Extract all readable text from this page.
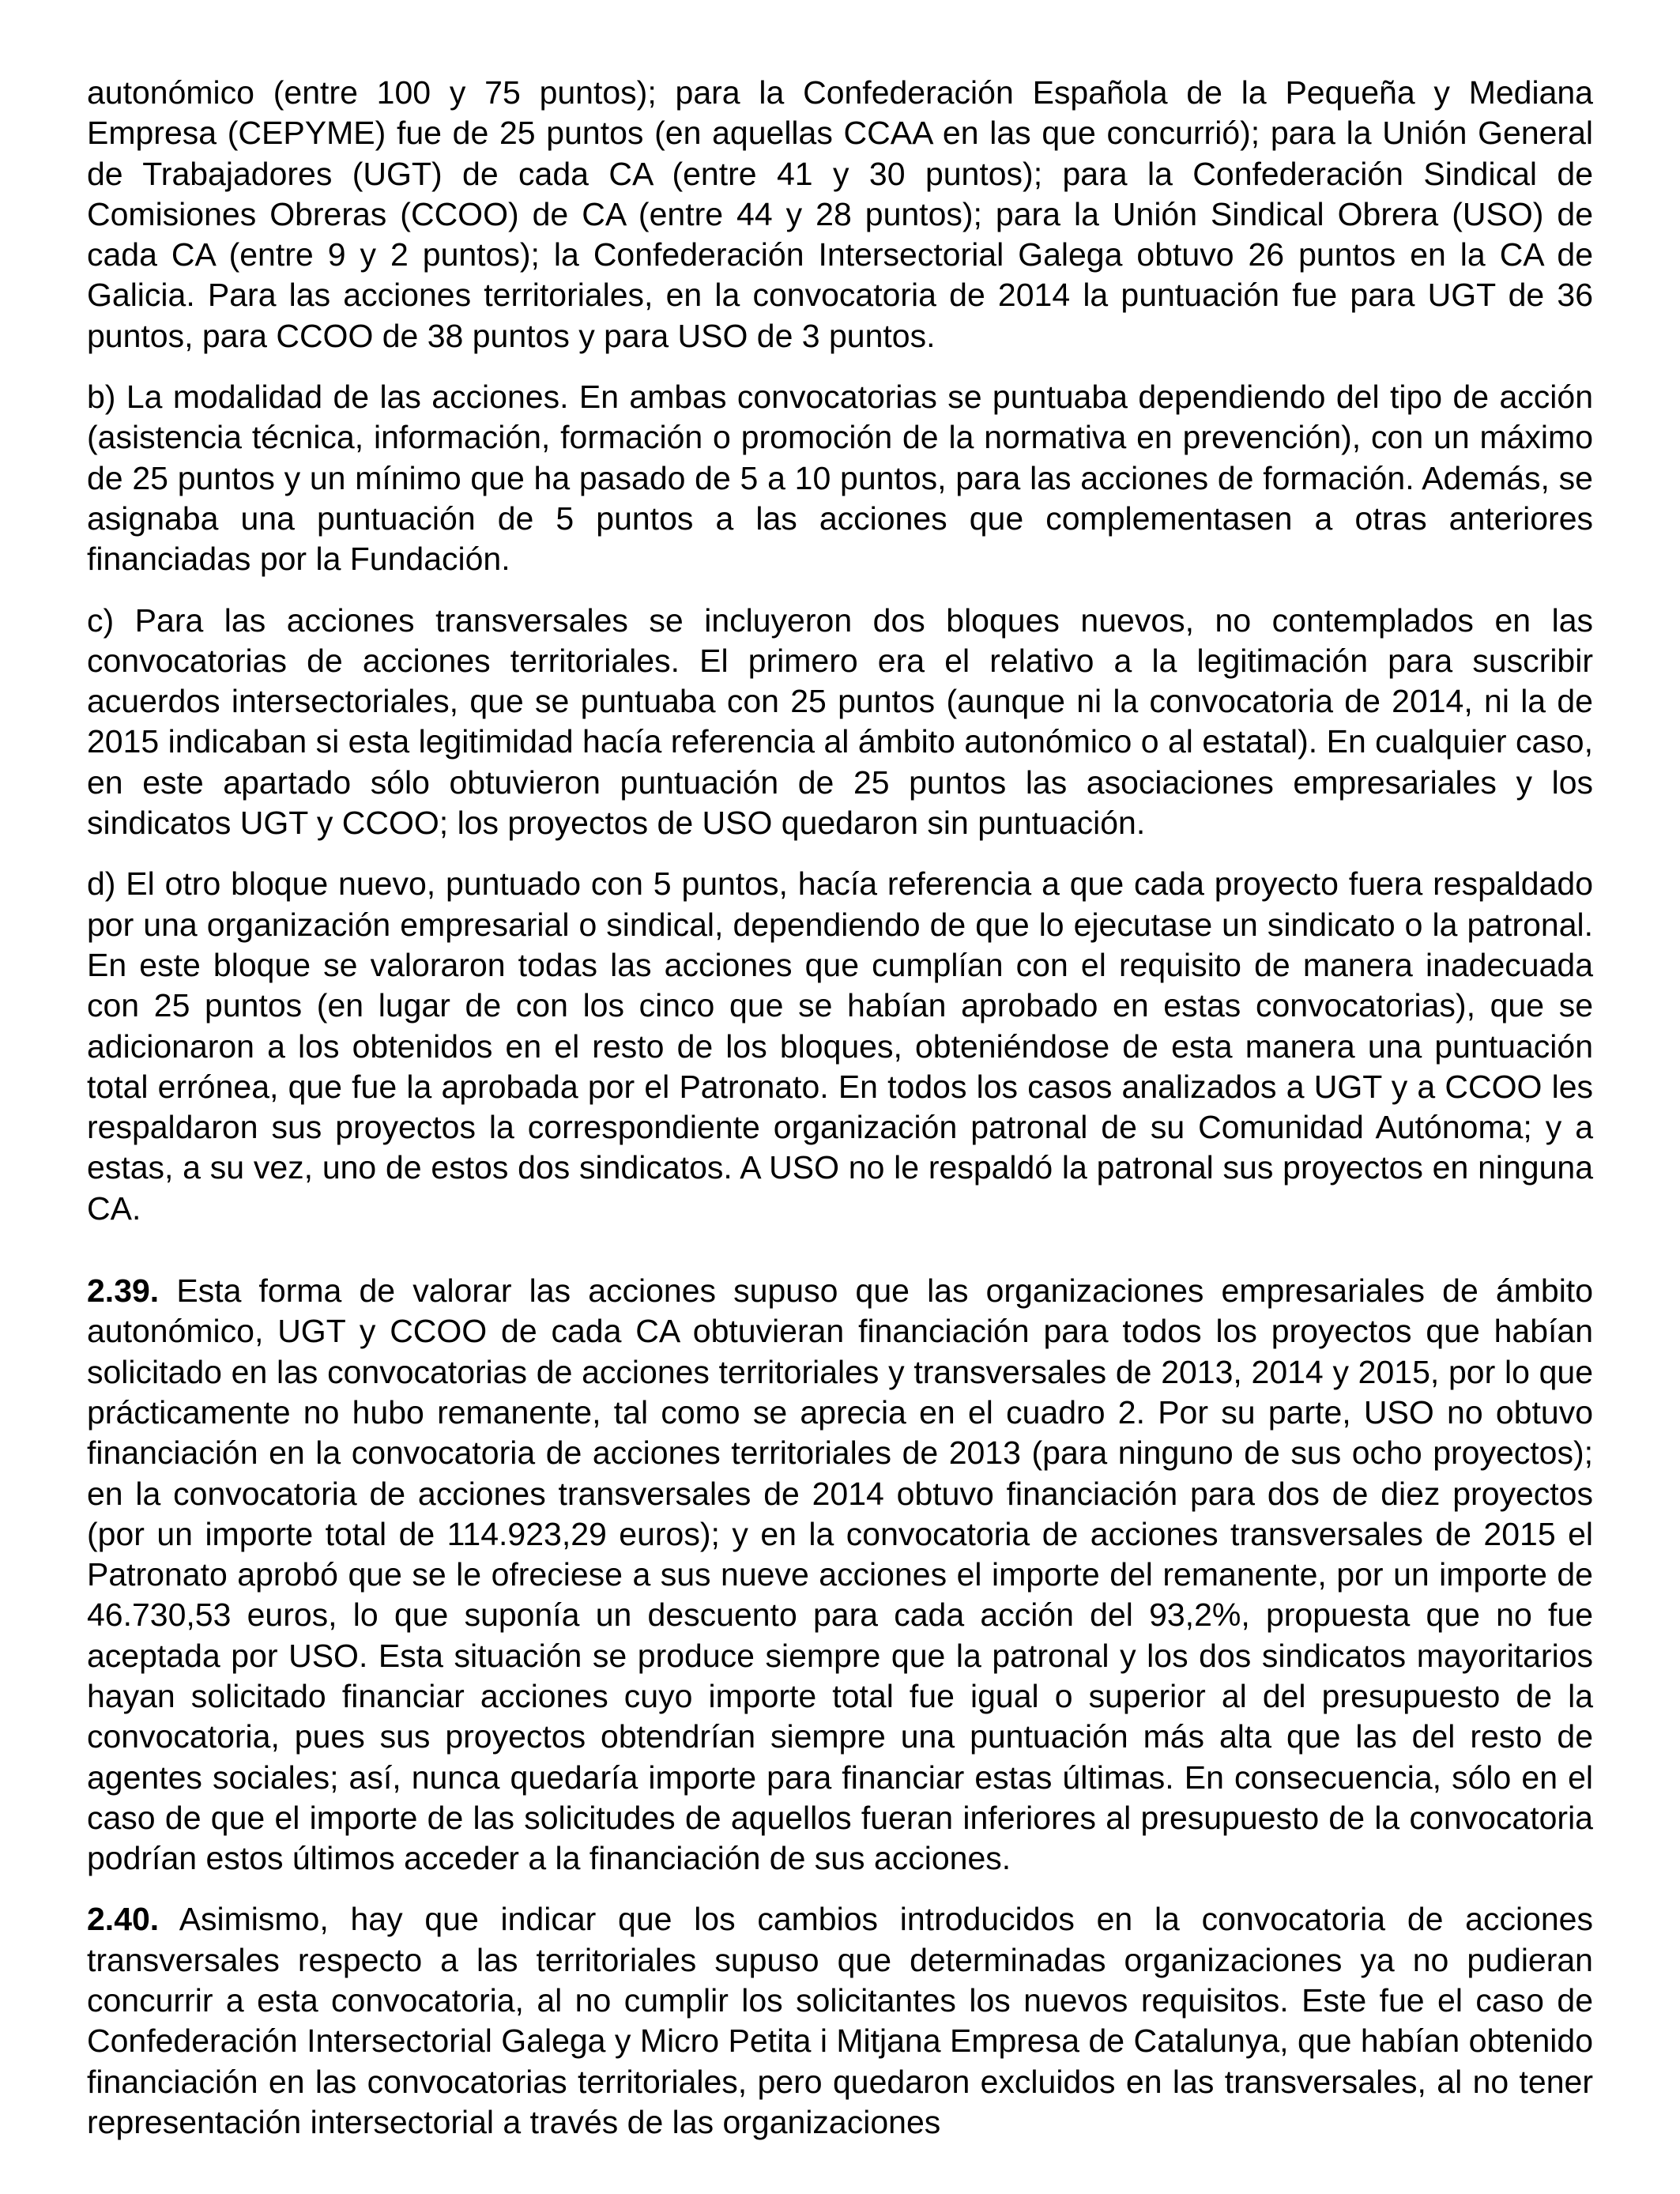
autonómico (entre 100 y 75 puntos); para la Confederación Española de la Pequeña y Mediana Empresa (CEPYME) fue de 25 puntos (en aquellas CCAA en las que concurrió); para la Unión General de Trabajadores (UGT) de cada CA (entre 41 y 30 puntos); para la Confederación Sindical de Comisiones Obreras (CCOO) de CA (entre 44 y 28 puntos); para la Unión Sindical Obrera (USO) de cada CA (entre 9 y 2 puntos); la Confederación Intersectorial Galega obtuvo 26 puntos en la CA de Galicia. Para las acciones territoriales, en la convocatoria de 2014 la puntuación fue para UGT de 36 puntos, para CCOO de 38 puntos y para USO de 3 puntos.

b) La modalidad de las acciones. En ambas convocatorias se puntuaba dependiendo del tipo de acción (asistencia técnica, información, formación o promoción de la normativa en prevención), con un máximo de 25 puntos y un mínimo que ha pasado de 5 a 10 puntos, para las acciones de formación. Además, se asignaba una puntuación de 5 puntos a las acciones que complementasen a otras anteriores financiadas por la Fundación.

c) Para las acciones transversales se incluyeron dos bloques nuevos, no contemplados en las convocatorias de acciones territoriales. El primero era el relativo a la legitimación para suscribir acuerdos intersectoriales, que se puntuaba con 25 puntos (aunque ni la convocatoria de 2014, ni la de 2015 indicaban si esta legitimidad hacía referencia al ámbito autonómico o al estatal). En cualquier caso, en este apartado sólo obtuvieron puntuación de 25 puntos las asociaciones empresariales y los sindicatos UGT y CCOO; los proyectos de USO quedaron sin puntuación.

d) El otro bloque nuevo, puntuado con 5 puntos, hacía referencia a que cada proyecto fuera respaldado por una organización empresarial o sindical, dependiendo de que lo ejecutase un sindicato o la patronal. En este bloque se valoraron todas las acciones que cumplían con el requisito de manera inadecuada con 25 puntos (en lugar de con los cinco que se habían aprobado en estas convocatorias), que se adicionaron a los obtenidos en el resto de los bloques, obteniéndose de esta manera una puntuación total errónea, que fue la aprobada por el Patronato. En todos los casos analizados a UGT y a CCOO les respaldaron sus proyectos la correspondiente organización patronal de su Comunidad Autónoma; y a estas, a su vez, uno de estos dos sindicatos. A USO no le respaldó la patronal sus proyectos en ninguna CA.

2.39. Esta forma de valorar las acciones supuso que las organizaciones empresariales de ámbito autonómico, UGT y CCOO de cada CA obtuvieran financiación para todos los proyectos que habían solicitado en las convocatorias de acciones territoriales y transversales de 2013, 2014 y 2015, por lo que prácticamente no hubo remanente, tal como se aprecia en el cuadro 2. Por su parte, USO no obtuvo financiación en la convocatoria de acciones territoriales de 2013 (para ninguno de sus ocho proyectos); en la convocatoria de acciones transversales de 2014 obtuvo financiación para dos de diez proyectos (por un importe total de 114.923,29 euros); y en la convocatoria de acciones transversales de 2015 el Patronato aprobó que se le ofreciese a sus nueve acciones el importe del remanente, por un importe de 46.730,53 euros, lo que suponía un descuento para cada acción del 93,2%, propuesta que no fue aceptada por USO. Esta situación se produce siempre que la patronal y los dos sindicatos mayoritarios hayan solicitado financiar acciones cuyo importe total fue igual o superior al del presupuesto de la convocatoria, pues sus proyectos obtendrían siempre una puntuación más alta que las del resto de agentes sociales; así, nunca quedaría importe para financiar estas últimas. En consecuencia, sólo en el caso de que el importe de las solicitudes de aquellos fueran inferiores al presupuesto de la convocatoria podrían estos últimos acceder a la financiación de sus acciones.

2.40. Asimismo, hay que indicar que los cambios introducidos en la convocatoria de acciones transversales respecto a las territoriales supuso que determinadas organizaciones ya no pudieran concurrir a esta convocatoria, al no cumplir los solicitantes los nuevos requisitos. Este fue el caso de Confederación Intersectorial Galega y Micro Petita i Mitjana Empresa de Catalunya, que habían obtenido financiación en las convocatorias territoriales, pero quedaron excluidos en las transversales, al no tener representación intersectorial a través de las organizaciones
